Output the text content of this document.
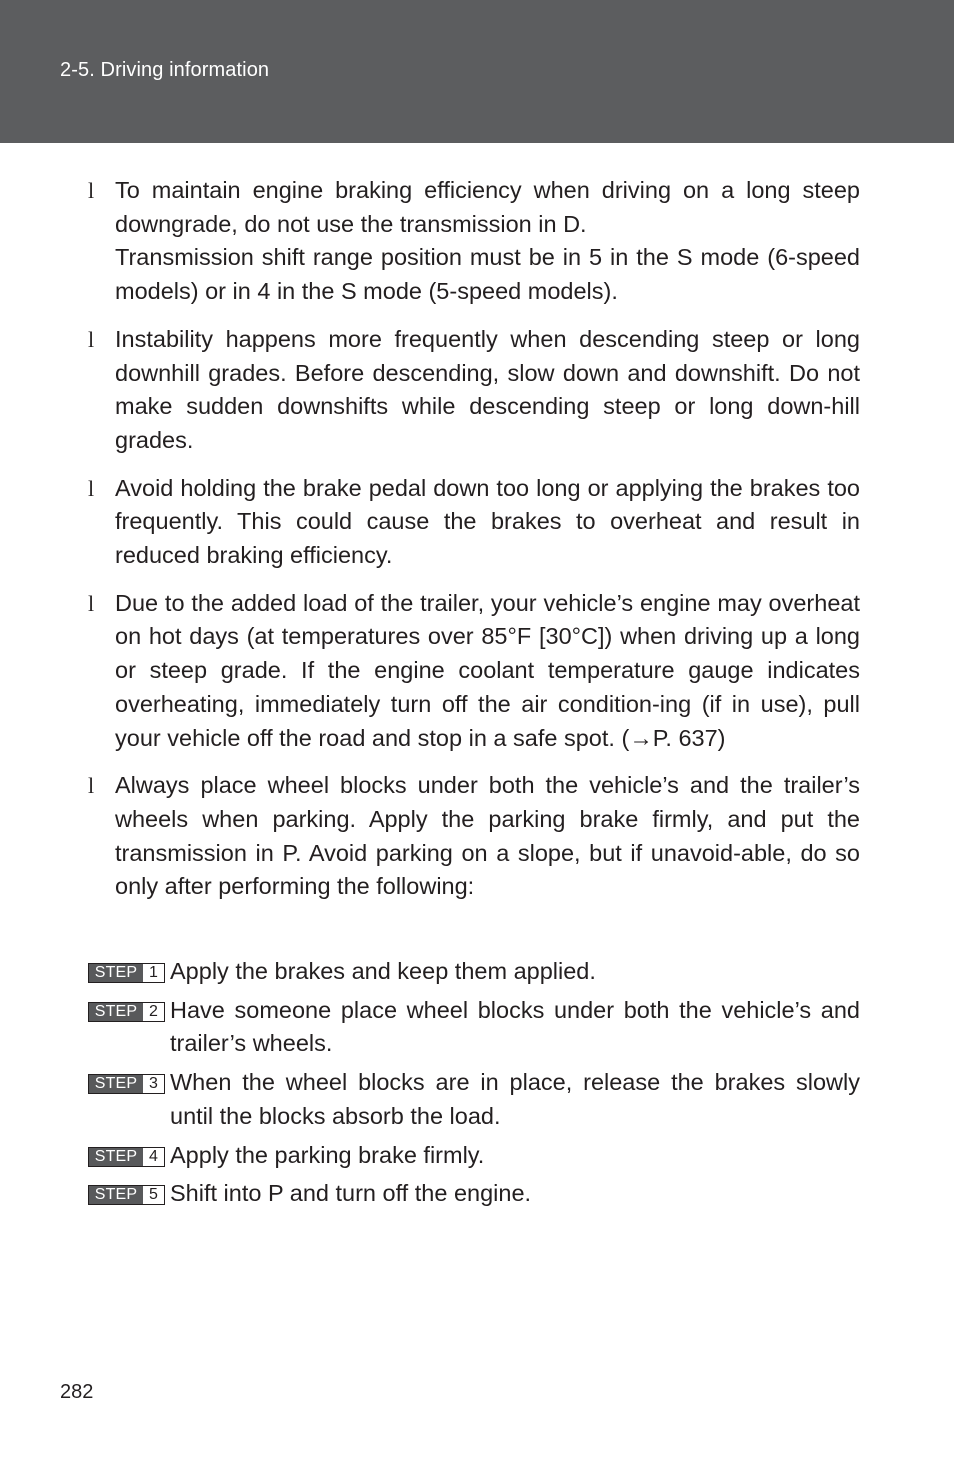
2-5. Driving information
l To maintain engine braking efficiency when driving on a long steep downgrade, do not use the transmission in D.

Transmission shift range position must be in 5 in the S mode (6-speed models) or in 4 in the S mode (5-speed models).

l Instability happens more frequently when descending steep or long downhill grades. Before descending, slow down and downshift. Do not make sudden downshifts while descending steep or long down-hill grades.

l Avoid holding the brake pedal down too long or applying the brakes too frequently. This could cause the brakes to overheat and result in reduced braking efficiency.

l Due to the added load of the trailer, your vehicle’s engine may overheat on hot days (at temperatures over 85°F [30°C]) when driving up a long or steep grade. If the engine coolant temperature gauge indicates overheating, immediately turn off the air condition-ing (if in use), pull your vehicle off the road and stop in a safe spot. (→P. 637)

l Always place wheel blocks under both the vehicle’s and the trailer’s wheels when parking. Apply the parking brake firmly, and put the transmission in P. Avoid parking on a slope, but if unavoid-able, do so only after performing the following:

STEP 1 Apply the brakes and keep them applied.

STEP 2 Have someone place wheel blocks under both the vehicle’s and trailer’s wheels.

STEP 3 When the wheel blocks are in place, release the brakes slowly until the blocks absorb the load.

STEP 4 Apply the parking brake firmly.

STEP 5 Shift into P and turn off the engine.

282
